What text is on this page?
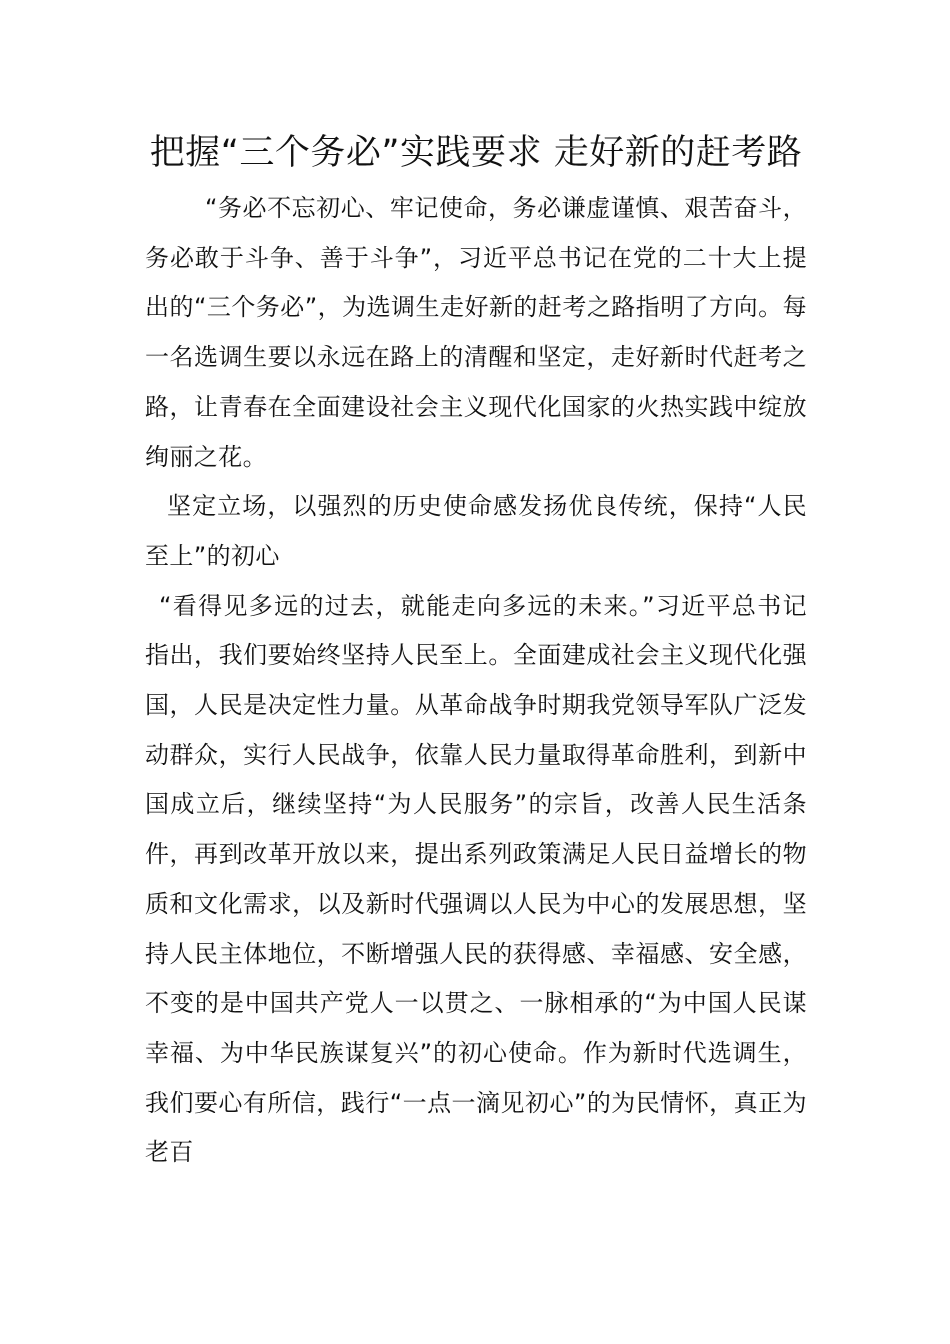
把握“三个务必”实践要求 走好新的赶考路

“务必不忘初心、牢记使命，务必谦虚谨慎、艰苦奋斗，务必敢于斗争、善于斗争”，习近平总书记在党的二十大上提出的“三个务必”，为选调生走好新的赶考之路指明了方向。每一名选调生要以永远在路上的清醒和坚定，走好新时代赶考之路，让青春在全面建设社会主义现代化国家的火热实践中绽放绚丽之花。

坚定立场，以强烈的历史使命感发扬优良传统，保持“人民至上”的初心

“看得见多远的过去，就能走向多远的未来。”习近平总书记指出，我们要始终坚持人民至上。全面建成社会主义现代化强国，人民是决定性力量。从革命战争时期我党领导军队广泛发动群众，实行人民战争，依靠人民力量取得革命胜利，到新中国成立后，继续坚持“为人民服务”的宗旨，改善人民生活条件，再到改革开放以来，提出系列政策满足人民日益增长的物质和文化需求，以及新时代强调以人民为中心的发展思想，坚持人民主体地位，不断增强人民的获得感、幸福感、安全感，不变的是中国共产党人一以贯之、一脉相承的“为中国人民谋幸福、为中华民族谋复兴”的初心使命。作为新时代选调生，我们要心有所信，践行“一点一滴见初心”的为民情怀，真正为老百
